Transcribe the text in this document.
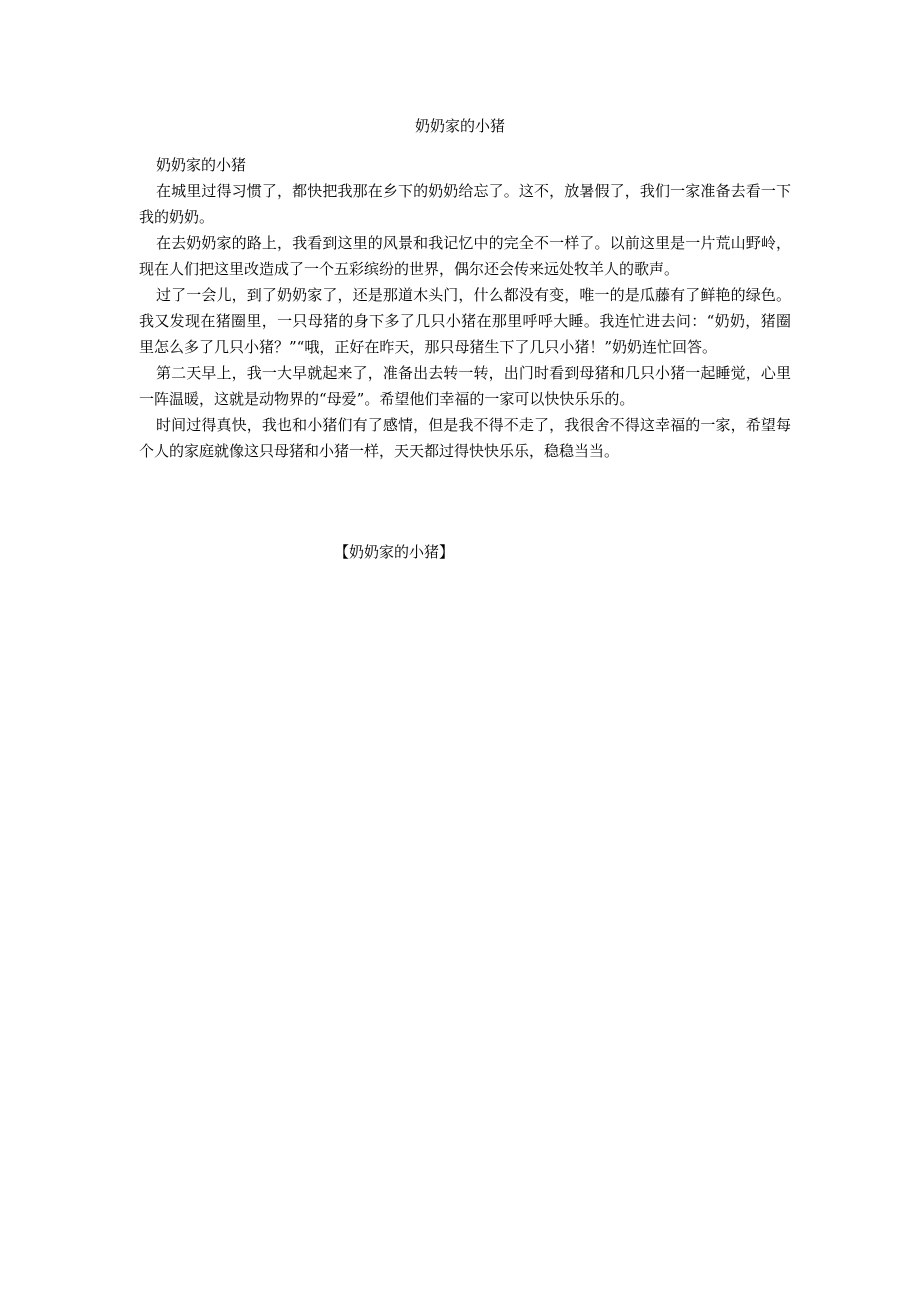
奶奶家的小猪

奶奶家的小猪

在城里过得习惯了，都快把我那在乡下的奶奶给忘了。这不，放暑假了，我们一家准备去看一下我的奶奶。

在去奶奶家的路上，我看到这里的风景和我记忆中的完全不一样了。以前这里是一片荒山野岭，现在人们把这里改造成了一个五彩缤纷的世界，偶尔还会传来远处牧羊人的歌声。

过了一会儿，到了奶奶家了，还是那道木头门，什么都没有变，唯一的是瓜藤有了鲜艳的绿色。我又发现在猪圈里，一只母猪的身下多了几只小猪在那里呼呼大睡。我连忙进去问：“奶奶，猪圈里怎么多了几只小猪？”“哦，正好在昨天，那只母猪生下了几只小猪！”奶奶连忙回答。

第二天早上，我一大早就起来了，准备出去转一转，出门时看到母猪和几只小猪一起睡觉，心里一阵温暖，这就是动物界的“母爱”。希望他们幸福的一家可以快快乐乐的。

时间过得真快，我也和小猪们有了感情，但是我不得不走了，我很舍不得这幸福的一家，希望每个人的家庭就像这只母猪和小猪一样，天天都过得快快乐乐，稳稳当当。

【奶奶家的小猪】
